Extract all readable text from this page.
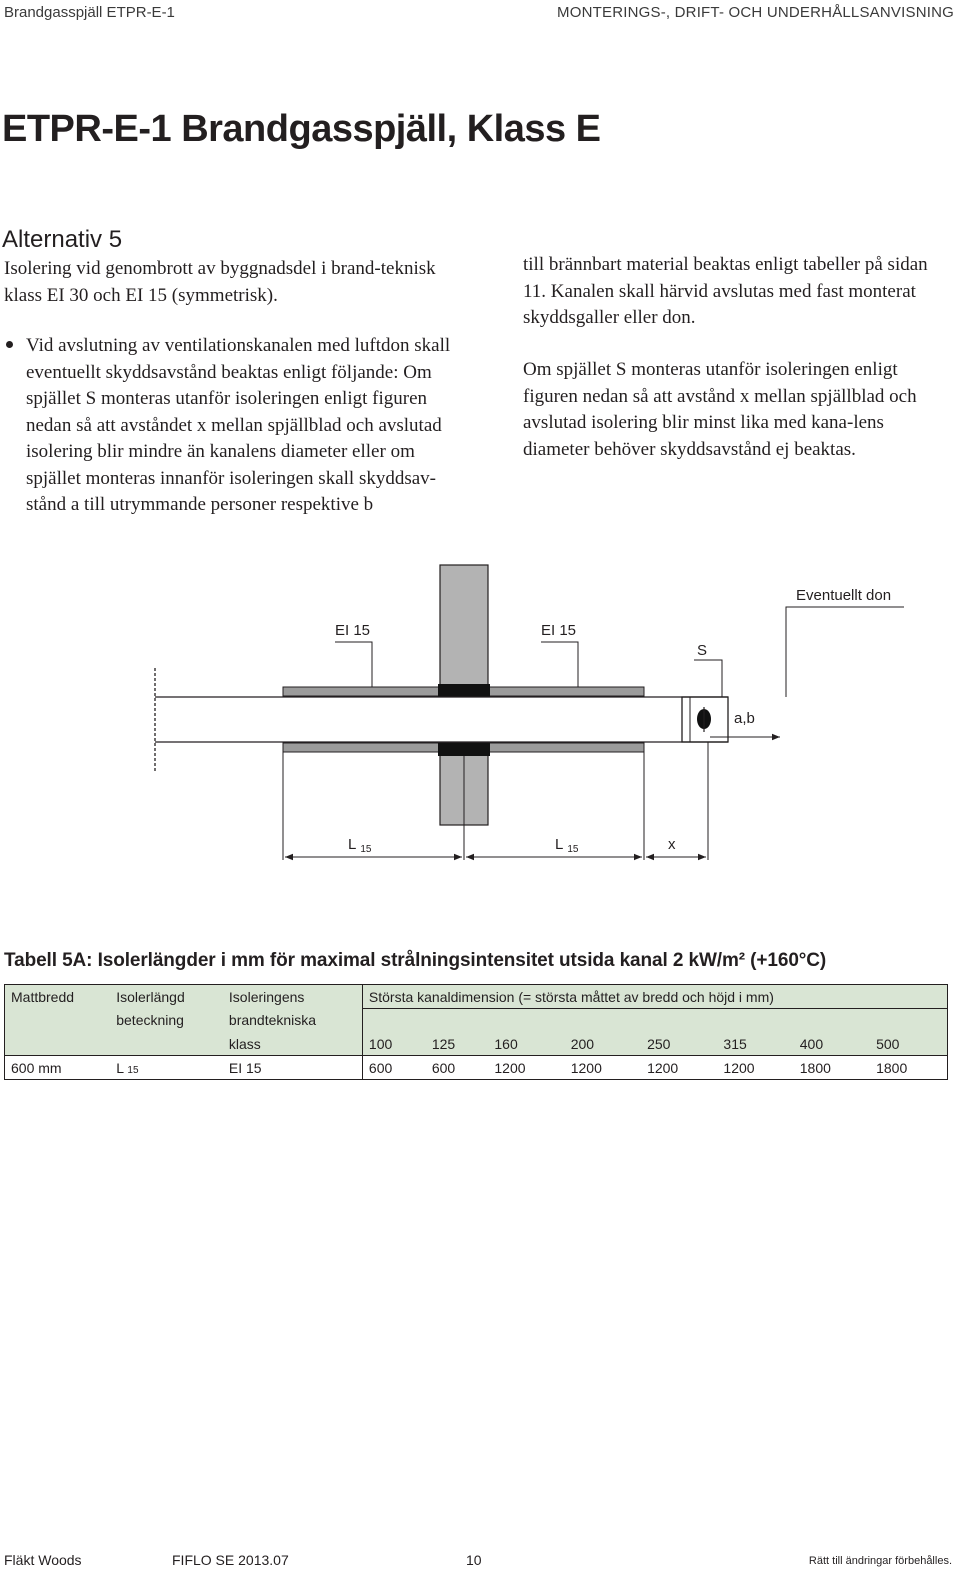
Brandgasspjäll ETPR-E-1	MONTERINGS-, DRIFT- OCH UNDERHÅLLSANVISNING
ETPR-E-1 Brandgasspjäll, Klass E
Alternativ 5
Isolering vid genombrott av byggnadsdel i brand-teknisk klass EI 30 och EI 15 (symmetrisk).
Vid avslutning av ventilationskanalen med luftdon skall eventuellt skyddsavstånd beaktas enligt följande: Om spjället S monteras utanför isoleringen enligt figuren nedan så att avståndet x mellan spjällblad och avslutad isolering blir mindre än kanalens diameter eller om spjället monteras innanför isoleringen skall skyddsav-stånd a till utrymmande personer respektive b
till brännbart material beaktas enligt tabeller på sidan 11. Kanalen skall härvid avslutas med fast monterat skyddsgaller eller don.
Om spjället S monteras utanför isoleringen enligt figuren nedan så att avstånd x mellan spjällblad och avslutad isolering blir minst lika med kana-lens diameter behöver skyddsavstånd ej beaktas.
a,b
S
Eventuellt don
EI 15	EI 15
L $_{15}$	L $_{15}$	x
Tabell 5A: Isolerlängder i mm för maximal strålningsintensitet utsida kanal 2 kW/m² (+160°C)
Mattbredd	Isolerlängd	Isoleringens	Största kanaldimension (= största måttet av bredd och höjd i mm)							
	beteckning	brandtekniska								
		klass	100	125	160	200	250	315	400	500
600 mm	L 15	EI 15	600	600	1200	1200	1200	1200	1800	1800
Fläkt Woods	FIFLO SE 2013.07	10	Rätt till ändringar förbehålles.
